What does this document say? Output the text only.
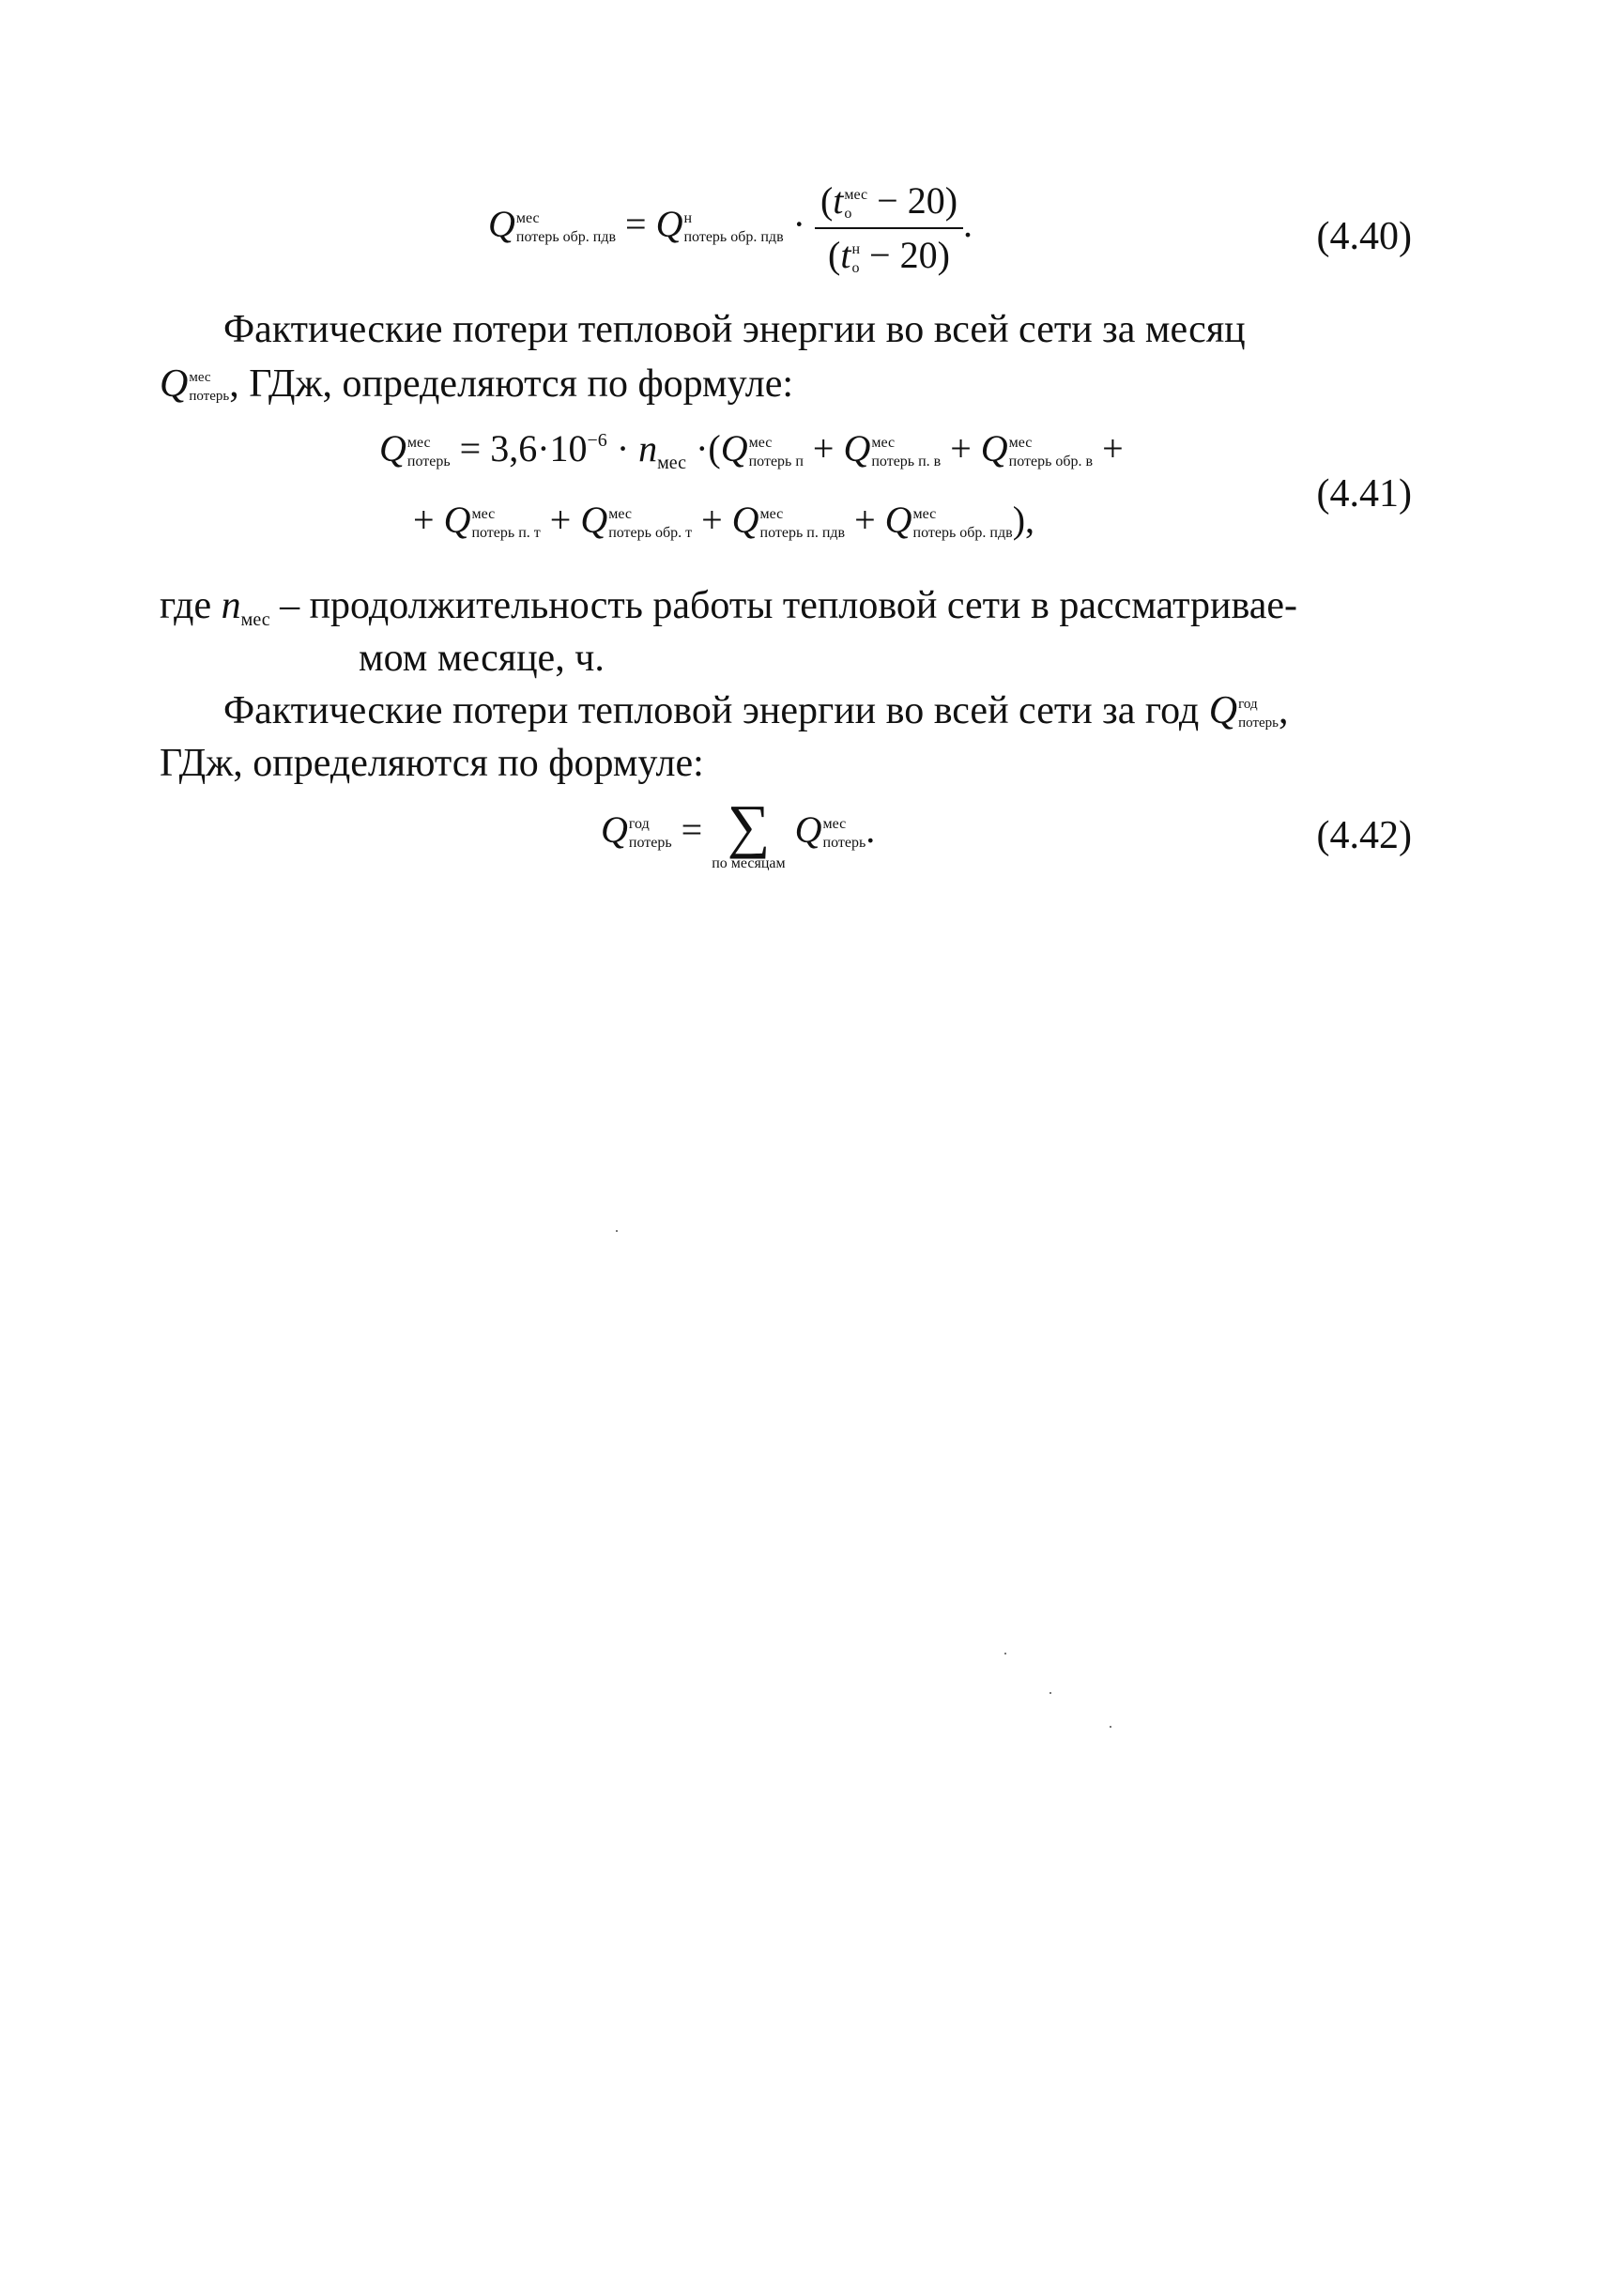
Q мес
потерь обр. пдв = Q н
потерь обр. пдв · (t мес
о − 20)
(t н
о − 20) .	(4.40)
Фактические потери тепловой энергии во всей сети за месяц
Q мес
потерь , ГДж, определяются по формуле:
Q мес
потерь = $3,6\cdot 10^{-6} \cdot n_{мес} \cdot(Q$ мес
потерь п + Q мес
потерь п. в + Q мес
потерь обр. в +
+ Q мес
потерь п. т + Q мес
потерь обр. т + Q мес
потерь п. пдв + Q мес
потерь обр. пдв ),
(4.41)
где nмес – продолжительность работы тепловой сети в рассматривае-
мом месяце, ч.
Фактические потери тепловой энергии во всей сети за год Q год
потерь ,
ГДж, определяются по формуле:
Q год
потерь = ∑
по месяцам
Q мес
потерь .	(4.42)
